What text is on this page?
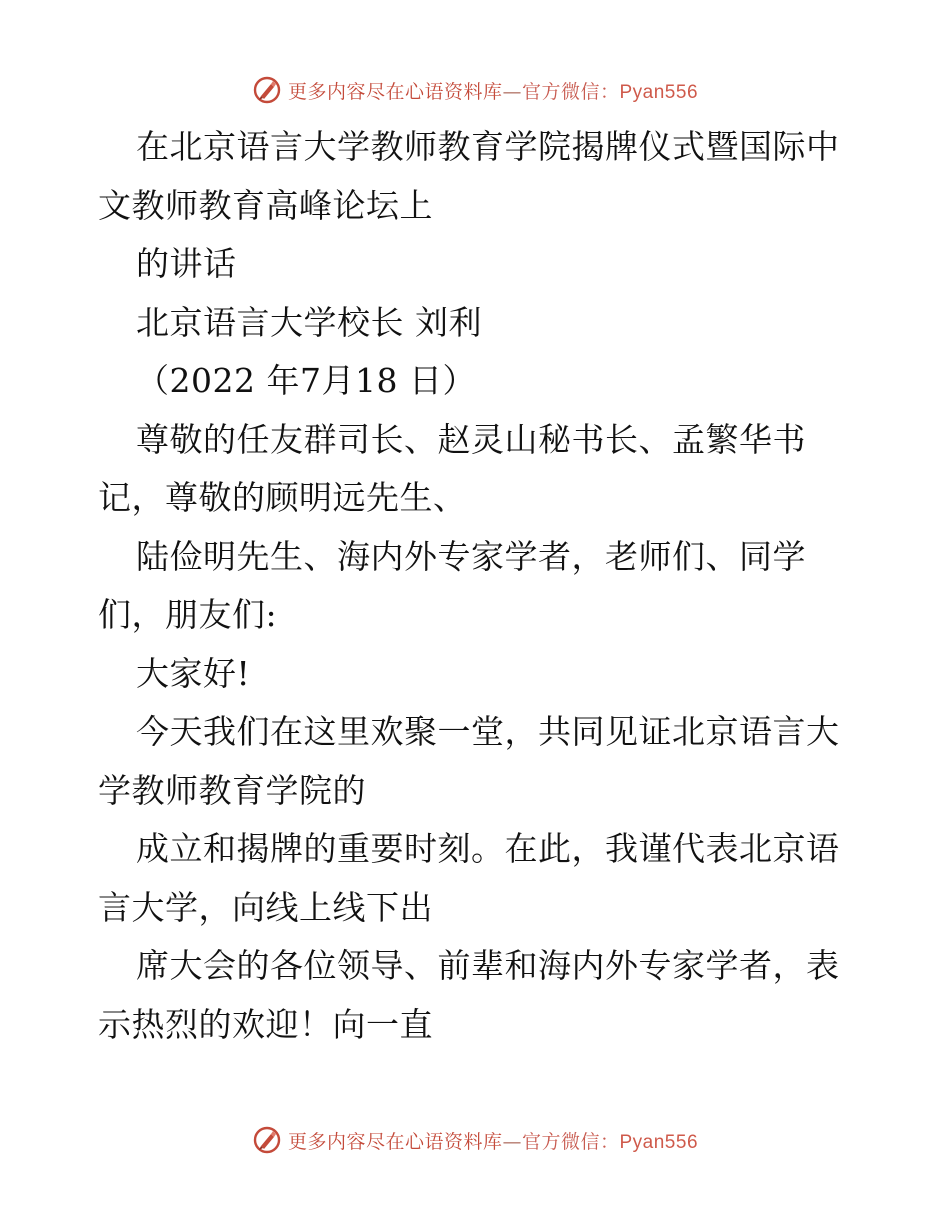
更多内容尽在心语资料库—官方微信：Pyan556
在北京语言大学教师教育学院揭牌仪式暨国际中
文教师教育高峰论坛上
的讲话
北京语言大学校长 刘利
（2022 年7月18 日）
尊敬的任友群司长、赵灵山秘书长、孟繁华书
记，尊敬的顾明远先生、
陆俭明先生、海内外专家学者，老师们、同学
们，朋友们:
大家好!
今天我们在这里欢聚一堂，共同见证北京语言大
学教师教育学院的
成立和揭牌的重要时刻。在此，我谨代表北京语
言大学，向线上线下出
席大会的各位领导、前辈和海内外专家学者，表
示热烈的欢迎！向一直
更多内容尽在心语资料库—官方微信：Pyan556
